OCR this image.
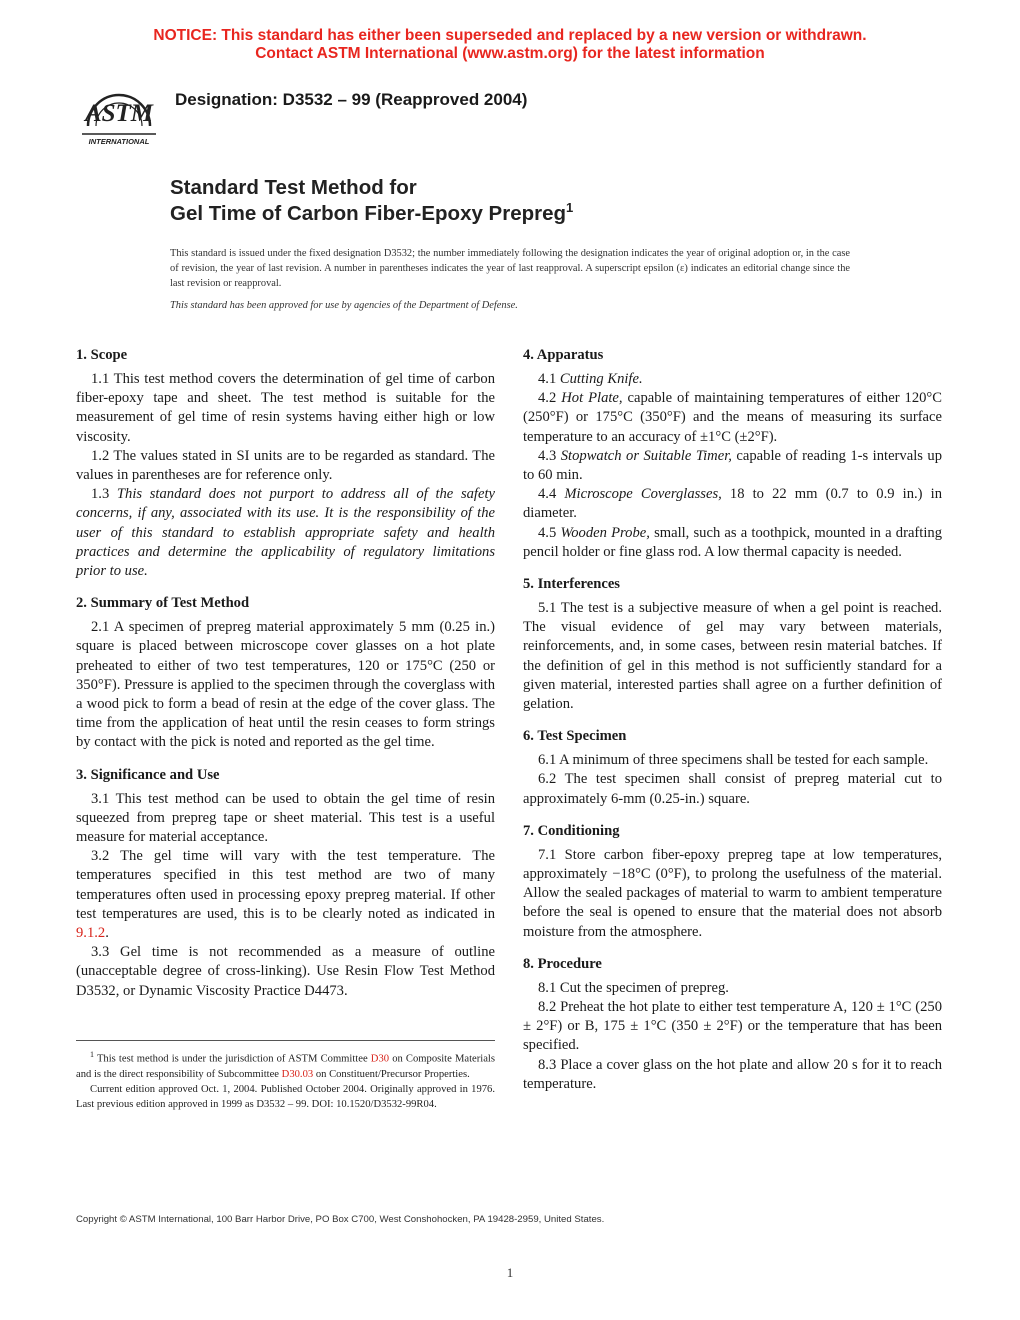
NOTICE: This standard has either been superseded and replaced by a new version or withdrawn.
Contact ASTM International (www.astm.org) for the latest information
ASTM
INTERNATIONAL
Designation: D3532 – 99 (Reapproved 2004)
Standard Test Method for
Gel Time of Carbon Fiber-Epoxy Prepreg$^1$
This standard is issued under the fixed designation D3532; the number immediately following the designation indicates the year of original adoption or, in the case of revision, the year of last revision. A number in parentheses indicates the year of last reapproval. A superscript epsilon (ε) indicates an editorial change since the last revision or reapproval.
This standard has been approved for use by agencies of the Department of Defense.
1. Scope

1.1 This test method covers the determination of gel time of carbon fiber-epoxy tape and sheet. The test method is suitable for the measurement of gel time of resin systems having either high or low viscosity.

1.2 The values stated in SI units are to be regarded as standard. The values in parentheses are for reference only.

1.3 This standard does not purport to address all of the safety concerns, if any, associated with its use. It is the responsibility of the user of this standard to establish appropriate safety and health practices and determine the applicability of regulatory limitations prior to use.

2. Summary of Test Method

2.1 A specimen of prepreg material approximately 5 mm (0.25 in.) square is placed between microscope cover glasses on a hot plate preheated to either of two test temperatures, 120 or 175°C (250 or 350°F). Pressure is applied to the specimen through the coverglass with a wood pick to form a bead of resin at the edge of the cover glass. The time from the application of heat until the resin ceases to form strings by contact with the pick is noted and reported as the gel time.

3. Significance and Use

3.1 This test method can be used to obtain the gel time of resin squeezed from prepreg tape or sheet material. This test is a useful measure for material acceptance.

3.2 The gel time will vary with the test temperature. The temperatures specified in this test method are two of many temperatures often used in processing epoxy prepreg material. If other test temperatures are used, this is to be clearly noted as indicated in 9.1.2.

3.3 Gel time is not recommended as a measure of outline (unacceptable degree of cross-linking). Use Resin Flow Test Method D3532, or Dynamic Viscosity Practice D4473.

4. Apparatus

4.1 Cutting Knife.

4.2 Hot Plate, capable of maintaining temperatures of either 120°C (250°F) or 175°C (350°F) and the means of measuring its surface temperature to an accuracy of ±1°C (±2°F).

4.3 Stopwatch or Suitable Timer, capable of reading 1-s intervals up to 60 min.

4.4 Microscope Coverglasses, 18 to 22 mm (0.7 to 0.9 in.) in diameter.

4.5 Wooden Probe, small, such as a toothpick, mounted in a drafting pencil holder or fine glass rod. A low thermal capacity is needed.

5. Interferences

5.1 The test is a subjective measure of when a gel point is reached. The visual evidence of gel may vary between materials, reinforcements, and, in some cases, between resin material batches. If the definition of gel in this method is not sufficiently standard for a given material, interested parties shall agree on a further definition of gelation.

6. Test Specimen

6.1 A minimum of three specimens shall be tested for each sample.

6.2 The test specimen shall consist of prepreg material cut to approximately 6-mm (0.25-in.) square.

7. Conditioning

7.1 Store carbon fiber-epoxy prepreg tape at low temperatures, approximately −18°C (0°F), to prolong the usefulness of the material. Allow the sealed packages of material to warm to ambient temperature before the seal is opened to ensure that the material does not absorb moisture from the atmosphere.

8. Procedure

8.1 Cut the specimen of prepreg.

8.2 Preheat the hot plate to either test temperature A, 120 ± 1°C (250 ± 2°F) or B, 175 ± 1°C (350 ± 2°F) or the temperature that has been specified.

8.3 Place a cover glass on the hot plate and allow 20 s for it to reach temperature.

$^1$ This test method is under the jurisdiction of ASTM Committee D30 on Composite Materials and is the direct responsibility of Subcommittee D30.03 on Constituent/Precursor Properties.

Current edition approved Oct. 1, 2004. Published October 2004. Originally approved in 1976. Last previous edition approved in 1999 as D3532 – 99. DOI: 10.1520/D3532-99R04.

Copyright © ASTM International, 100 Barr Harbor Drive, PO Box C700, West Conshohocken, PA 19428-2959, United States.
1
